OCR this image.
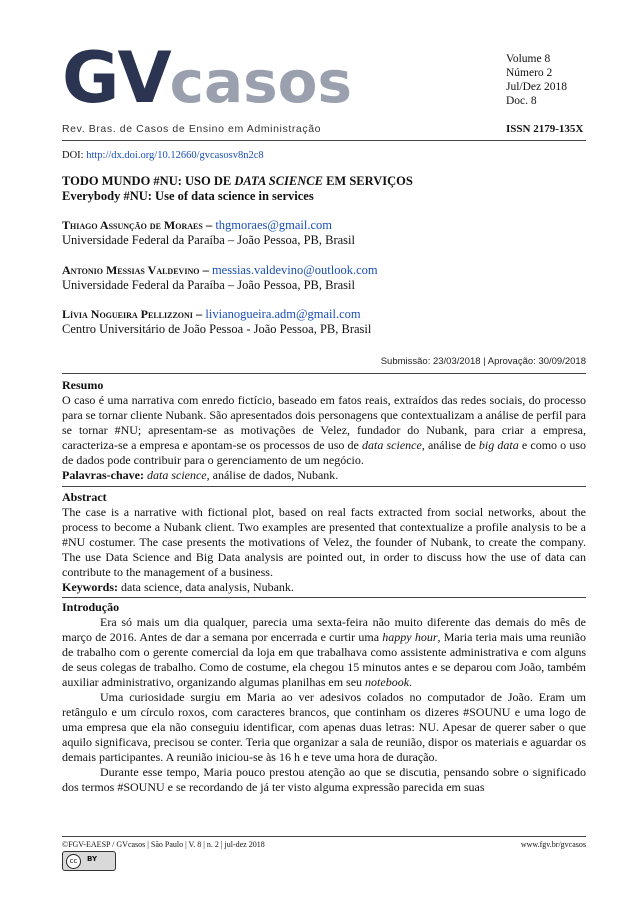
GVcasos	Volume 8
Número 2
Jul/Dez 2018
Doc. 8
Rev. Bras. de Casos de Ensino em Administração	ISSN 2179-135X
DOI: http://dx.doi.org/10.12660/gvcasosv8n2c8
TODO MUNDO #NU: USO DE DATA SCIENCE EM SERVIÇOS
Everybody #NU: Use of data science in services
Thiago Assunção de Moraes – thgmoraes@gmail.com
Universidade Federal da Paraíba – João Pessoa, PB, Brasil
Antonio Messias Valdevino – messias.valdevino@outlook.com
Universidade Federal da Paraíba – João Pessoa, PB, Brasil
Lívia Nogueira Pellizzoni – livianogueira.adm@gmail.com
Centro Universitário de João Pessoa - João Pessoa, PB, Brasil
Submissão: 23/03/2018 | Aprovação: 30/09/2018
Resumo

O caso é uma narrativa com enredo fictício, baseado em fatos reais, extraídos das redes sociais, do processo para se tornar cliente Nubank. São apresentados dois personagens que contextualizam a análise de perfil para se tornar #NU; apresentam-se as motivações de Velez, fundador do Nubank, para criar a empresa, caracteriza-se a empresa e apontam-se os processos de uso de data science, análise de big data e como o uso de dados pode contribuir para o gerenciamento de um negócio.

Palavras-chave: data science, análise de dados, Nubank.

Abstract

The case is a narrative with fictional plot, based on real facts extracted from social networks, about the process to become a Nubank client. Two examples are presented that contextualize a profile analysis to be a #NU costumer. The case presents the motivations of Velez, the founder of Nubank, to create the company. The use Data Science and Big Data analysis are pointed out, in order to discuss how the use of data can contribute to the management of a business.

Keywords: data science, data analysis, Nubank.

Introdução

Era só mais um dia qualquer, parecia uma sexta-feira não muito diferente das demais do mês de março de 2016. Antes de dar a semana por encerrada e curtir uma happy hour, Maria teria mais uma reunião de trabalho com o gerente comercial da loja em que trabalhava como assistente administrativa e com alguns de seus colegas de trabalho. Como de costume, ela chegou 15 minutos antes e se deparou com João, também auxiliar administrativo, organizando algumas planilhas em seu notebook.

Uma curiosidade surgiu em Maria ao ver adesivos colados no computador de João. Eram um retângulo e um círculo roxos, com caracteres brancos, que continham os dizeres #SOUNU e uma logo de uma empresa que ela não conseguiu identificar, com apenas duas letras: NU. Apesar de querer saber o que aquilo significava, precisou se conter. Teria que organizar a sala de reunião, dispor os materiais e aguardar os demais participantes. A reunião iniciou-se às 16 h e teve uma hora de duração.

Durante esse tempo, Maria pouco prestou atenção ao que se discutia, pensando sobre o significado dos termos #SOUNU e se recordando de já ter visto alguma expressão parecida em suas

©FGV-EAESP / GVcasos | São Paulo | V. 8 | n. 2 | jul-dez 2018	www.fgv.br/gvcasos
cc	BY
